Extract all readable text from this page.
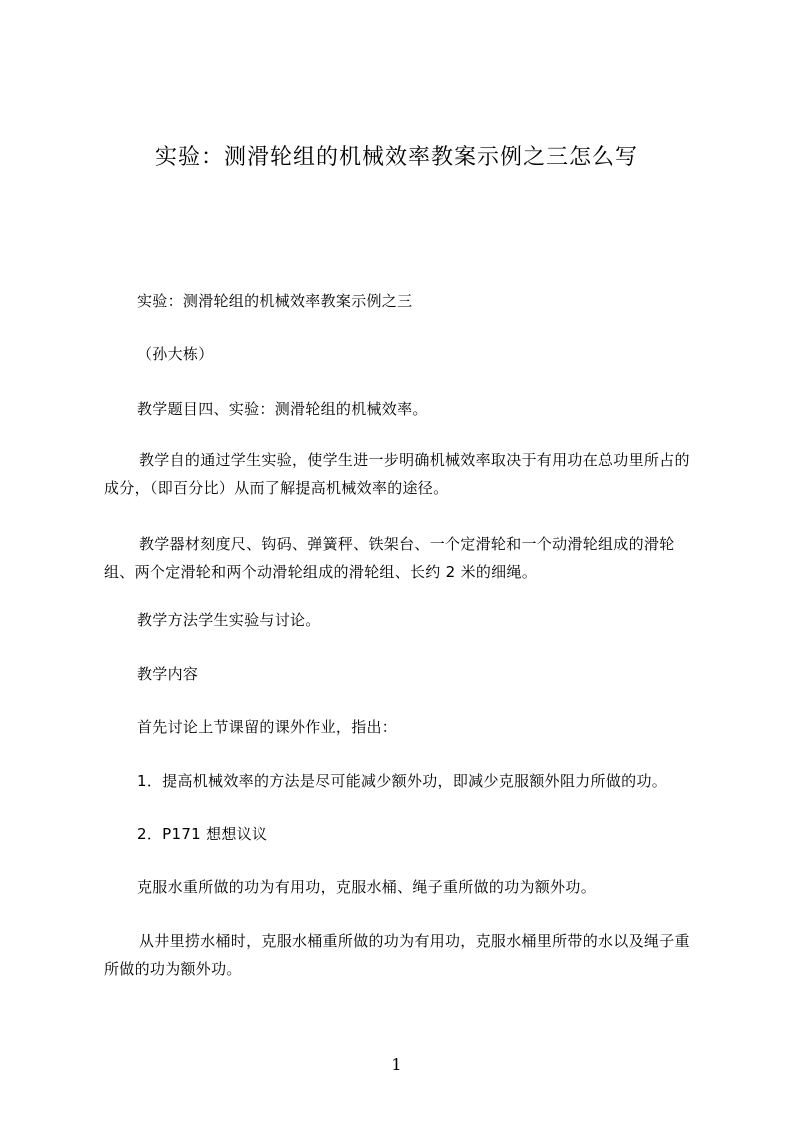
实验：测滑轮组的机械效率教案示例之三怎么写
实验：测滑轮组的机械效率教案示例之三
（孙大栋）
教学题目四、实验：测滑轮组的机械效率。
教学自的通过学生实验，使学生进一步明确机械效率取决于有用功在总功里所占的成分，（即百分比）从而了解提高机械效率的途径。
教学器材刻度尺、钩码、弹簧秤、铁架台、一个定滑轮和一个动滑轮组成的滑轮组、两个定滑轮和两个动滑轮组成的滑轮组、长约 2 米的细绳。
教学方法学生实验与讨论。
教学内容
首先讨论上节课留的课外作业，指出：
1．提高机械效率的方法是尽可能减少额外功，即减少克服额外阻力所做的功。
2．P171 想想议议
克服水重所做的功为有用功，克服水桶、绳子重所做的功为额外功。
从井里捞水桶时，克服水桶重所做的功为有用功，克服水桶里所带的水以及绳子重所做的功为额外功。
1
